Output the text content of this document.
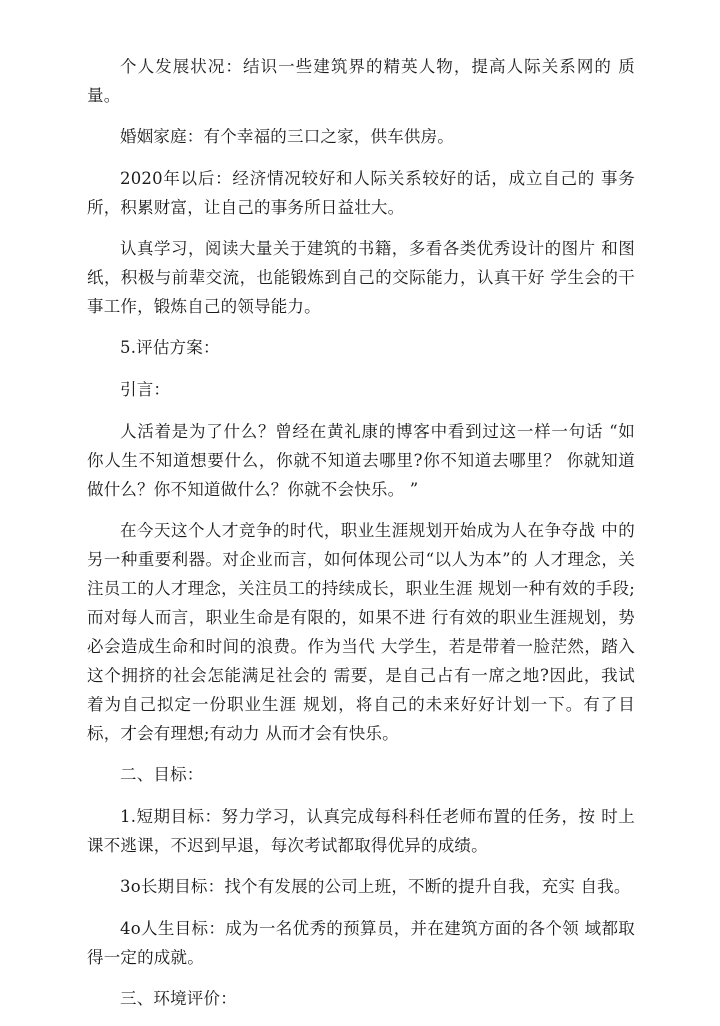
个人发展状况：结识一些建筑界的精英人物，提高人际关系网的 质量。

婚姻家庭：有个幸福的三口之家，供车供房。

2020年以后：经济情况较好和人际关系较好的话，成立自己的 事务所，积累财富，让自己的事务所日益壮大。

认真学习，阅读大量关于建筑的书籍，多看各类优秀设计的图片 和图纸，积极与前辈交流，也能锻炼到自己的交际能力，认真干好 学生会的干事工作，锻炼自己的领导能力。

5.评估方案：

引言：

人活着是为了什么？曾经在黄礼康的博客中看到过这一样一句话 “如你人生不知道想要什么，你就不知道去哪里?你不知道去哪里？ 你就知道做什么？你不知道做什么？你就不会快乐。 ”

在今天这个人才竞争的时代，职业生涯规划开始成为人在争夺战 中的另一种重要利器。对企业而言，如何体现公司“以人为本”的 人才理念，关注员工的人才理念，关注员工的持续成长，职业生涯 规划一种有效的手段;而对每人而言，职业生命是有限的，如果不进 行有效的职业生涯规划，势必会造成生命和时间的浪费。作为当代 大学生，若是带着一脸茫然，踏入这个拥挤的社会怎能满足社会的 需要，是自己占有一席之地?因此，我试着为自己拟定一份职业生涯 规划，将自己的未来好好计划一下。有了目标，才会有理想;有动力 从而才会有快乐。

二、目标：

1.短期目标：努力学习，认真完成每科科任老师布置的任务，按 时上课不逃课，不迟到早退，每次考试都取得优异的成绩。

3o长期目标：找个有发展的公司上班，不断的提升自我，充实 自我。

4o人生目标：成为一名优秀的预算员，并在建筑方面的各个领 域都取得一定的成就。

三、环境评价：
